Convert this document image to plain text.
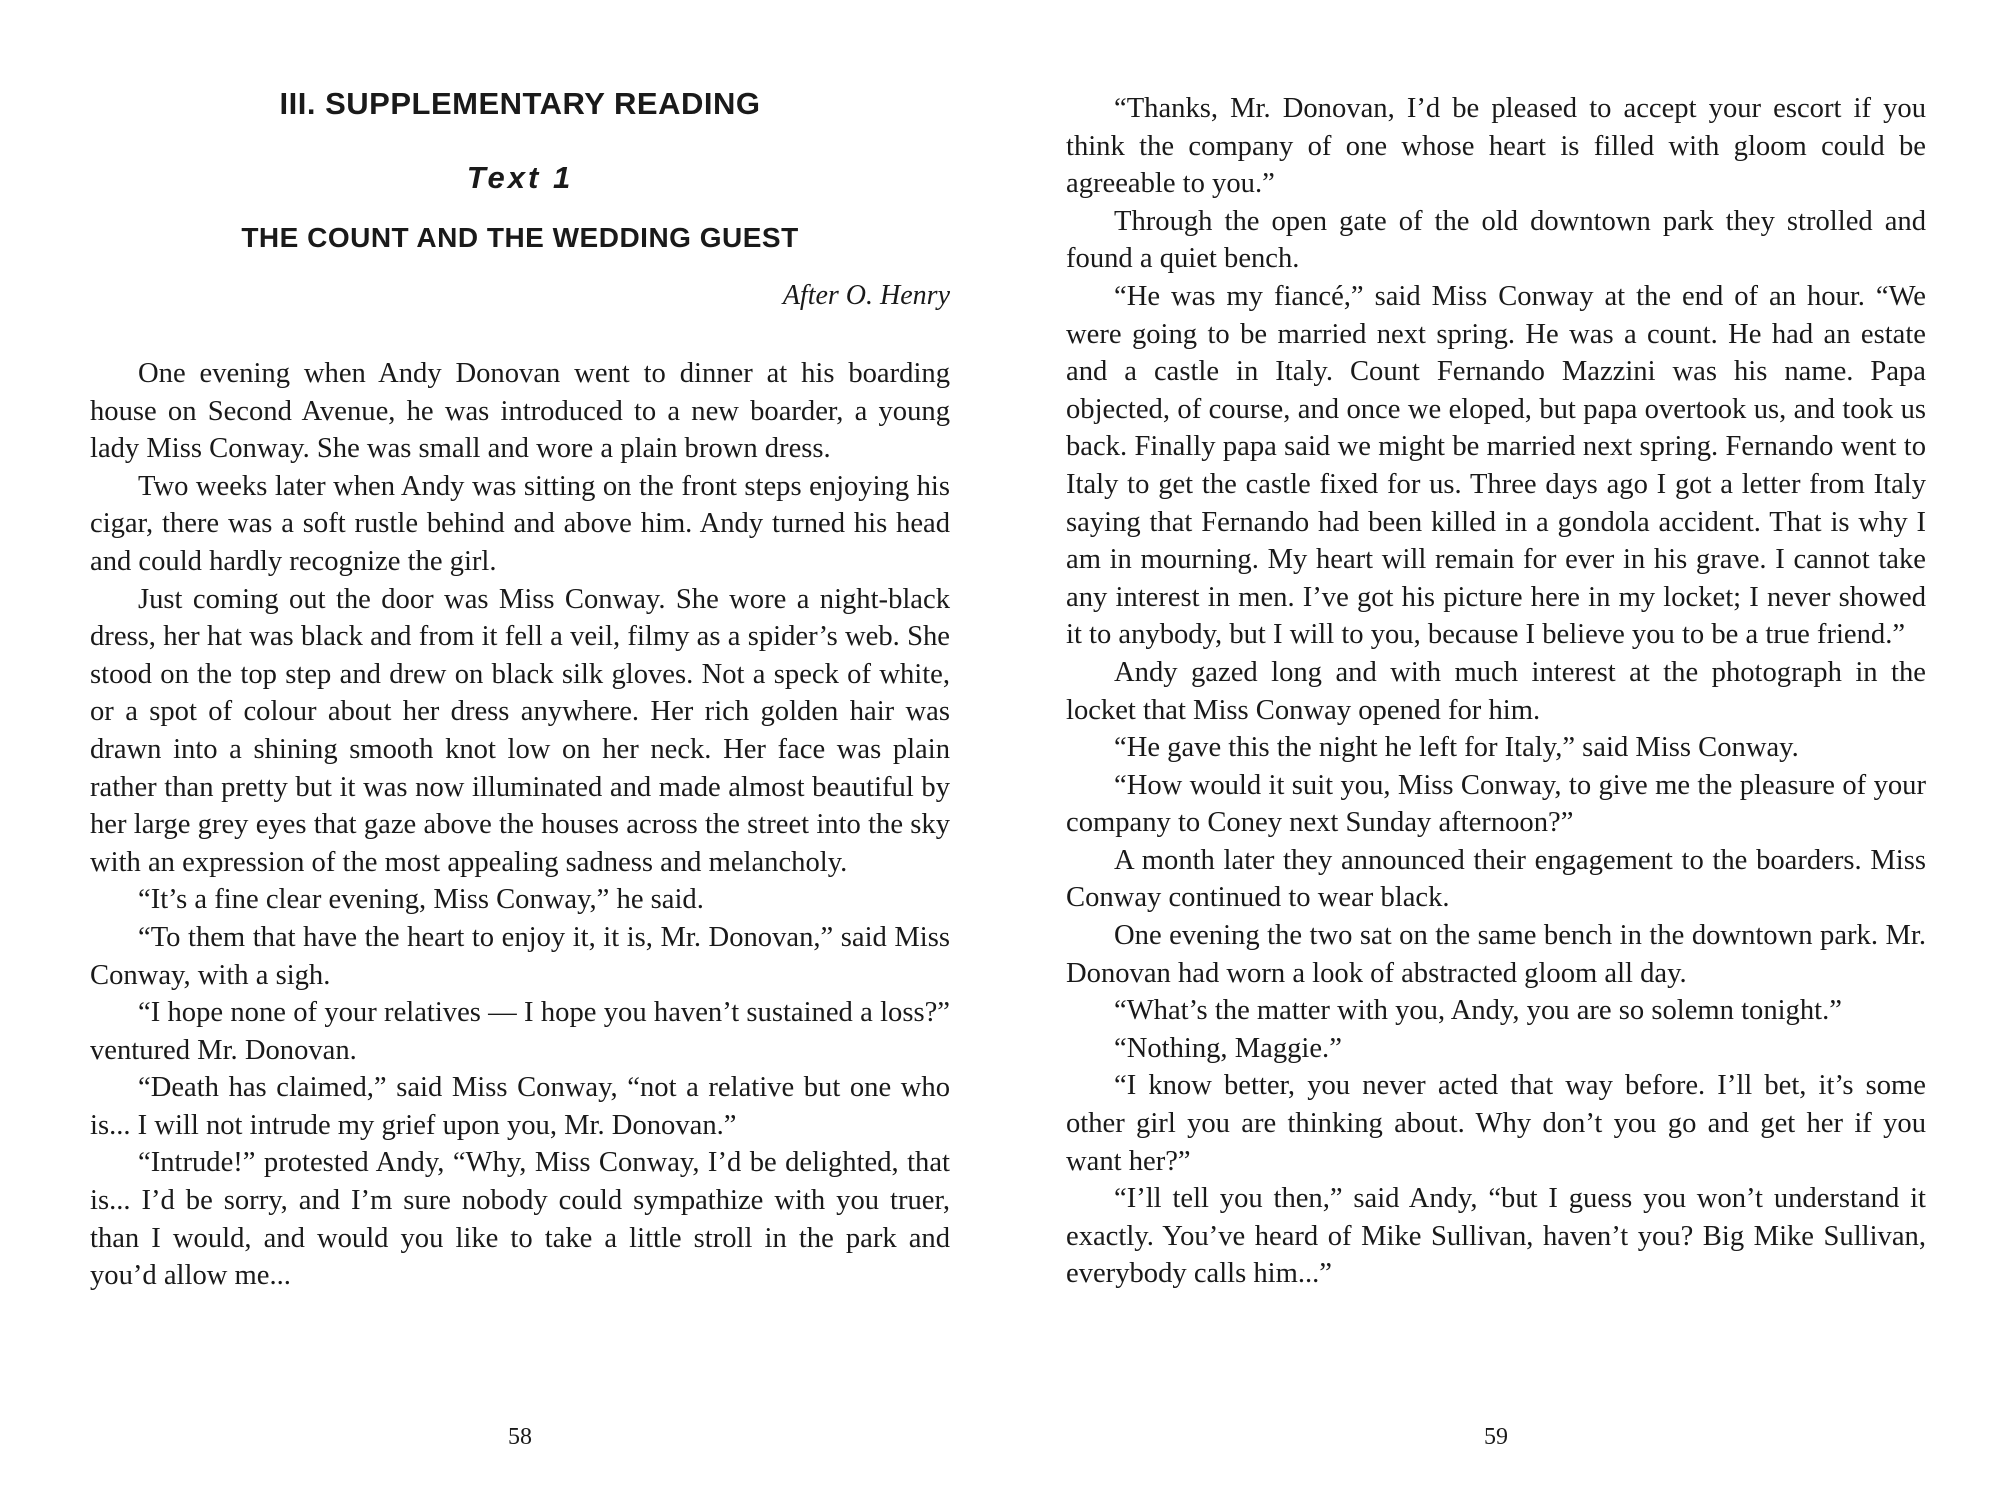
III. SUPPLEMENTARY READING
Text 1
THE COUNT AND THE WEDDING GUEST
After O. Henry

One evening when Andy Donovan went to dinner at his boarding house on Second Avenue, he was introduced to a new boarder, a young lady Miss Conway. She was small and wore a plain brown dress.

Two weeks later when Andy was sitting on the front steps enjoying his cigar, there was a soft rustle behind and above him. Andy turned his head and could hardly recognize the girl.

Just coming out the door was Miss Conway. She wore a night-black dress, her hat was black and from it fell a veil, filmy as a spider’s web. She stood on the top step and drew on black silk gloves. Not a speck of white, or a spot of colour about her dress anywhere. Her rich golden hair was drawn into a shining smooth knot low on her neck. Her face was plain rather than pretty but it was now illuminated and made almost beautiful by her large grey eyes that gaze above the houses across the street into the sky with an expression of the most appealing sadness and melancholy.

“It’s a fine clear evening, Miss Conway,” he said.

“To them that have the heart to enjoy it, it is, Mr. Donovan,” said Miss Conway, with a sigh.

“I hope none of your relatives — I hope you haven’t sustained a loss?” ventured Mr. Donovan.

“Death has claimed,” said Miss Conway, “not a relative but one who is... I will not intrude my grief upon you, Mr. Donovan.”

“Intrude!” protested Andy, “Why, Miss Conway, I’d be delighted, that is... I’d be sorry, and I’m sure nobody could sympathize with you truer, than I would, and would you like to take a little stroll in the park and you’d allow me...

58

“Thanks, Mr. Donovan, I’d be pleased to accept your escort if you think the company of one whose heart is filled with gloom could be agreeable to you.”

Through the open gate of the old downtown park they strolled and found a quiet bench.

“He was my fiancé,” said Miss Conway at the end of an hour. “We were going to be married next spring. He was a count. He had an estate and a castle in Italy. Count Fernando Mazzini was his name. Papa objected, of course, and once we eloped, but papa overtook us, and took us back. Finally papa said we might be married next spring. Fernando went to Italy to get the castle fixed for us. Three days ago I got a letter from Italy saying that Fernando had been killed in a gondola accident. That is why I am in mourning. My heart will remain for ever in his grave. I cannot take any interest in men. I’ve got his picture here in my locket; I never showed it to anybody, but I will to you, because I believe you to be a true friend.”

Andy gazed long and with much interest at the photograph in the locket that Miss Conway opened for him.

“He gave this the night he left for Italy,” said Miss Conway.

“How would it suit you, Miss Conway, to give me the pleasure of your company to Coney next Sunday afternoon?”

A month later they announced their engagement to the boarders. Miss Conway continued to wear black.

One evening the two sat on the same bench in the downtown park. Mr. Donovan had worn a look of abstracted gloom all day.

“What’s the matter with you, Andy, you are so solemn tonight.”

“Nothing, Maggie.”

“I know better, you never acted that way before. I’ll bet, it’s some other girl you are thinking about. Why don’t you go and get her if you want her?”

“I’ll tell you then,” said Andy, “but I guess you won’t understand it exactly. You’ve heard of Mike Sullivan, haven’t you? Big Mike Sullivan, everybody calls him...”

59
